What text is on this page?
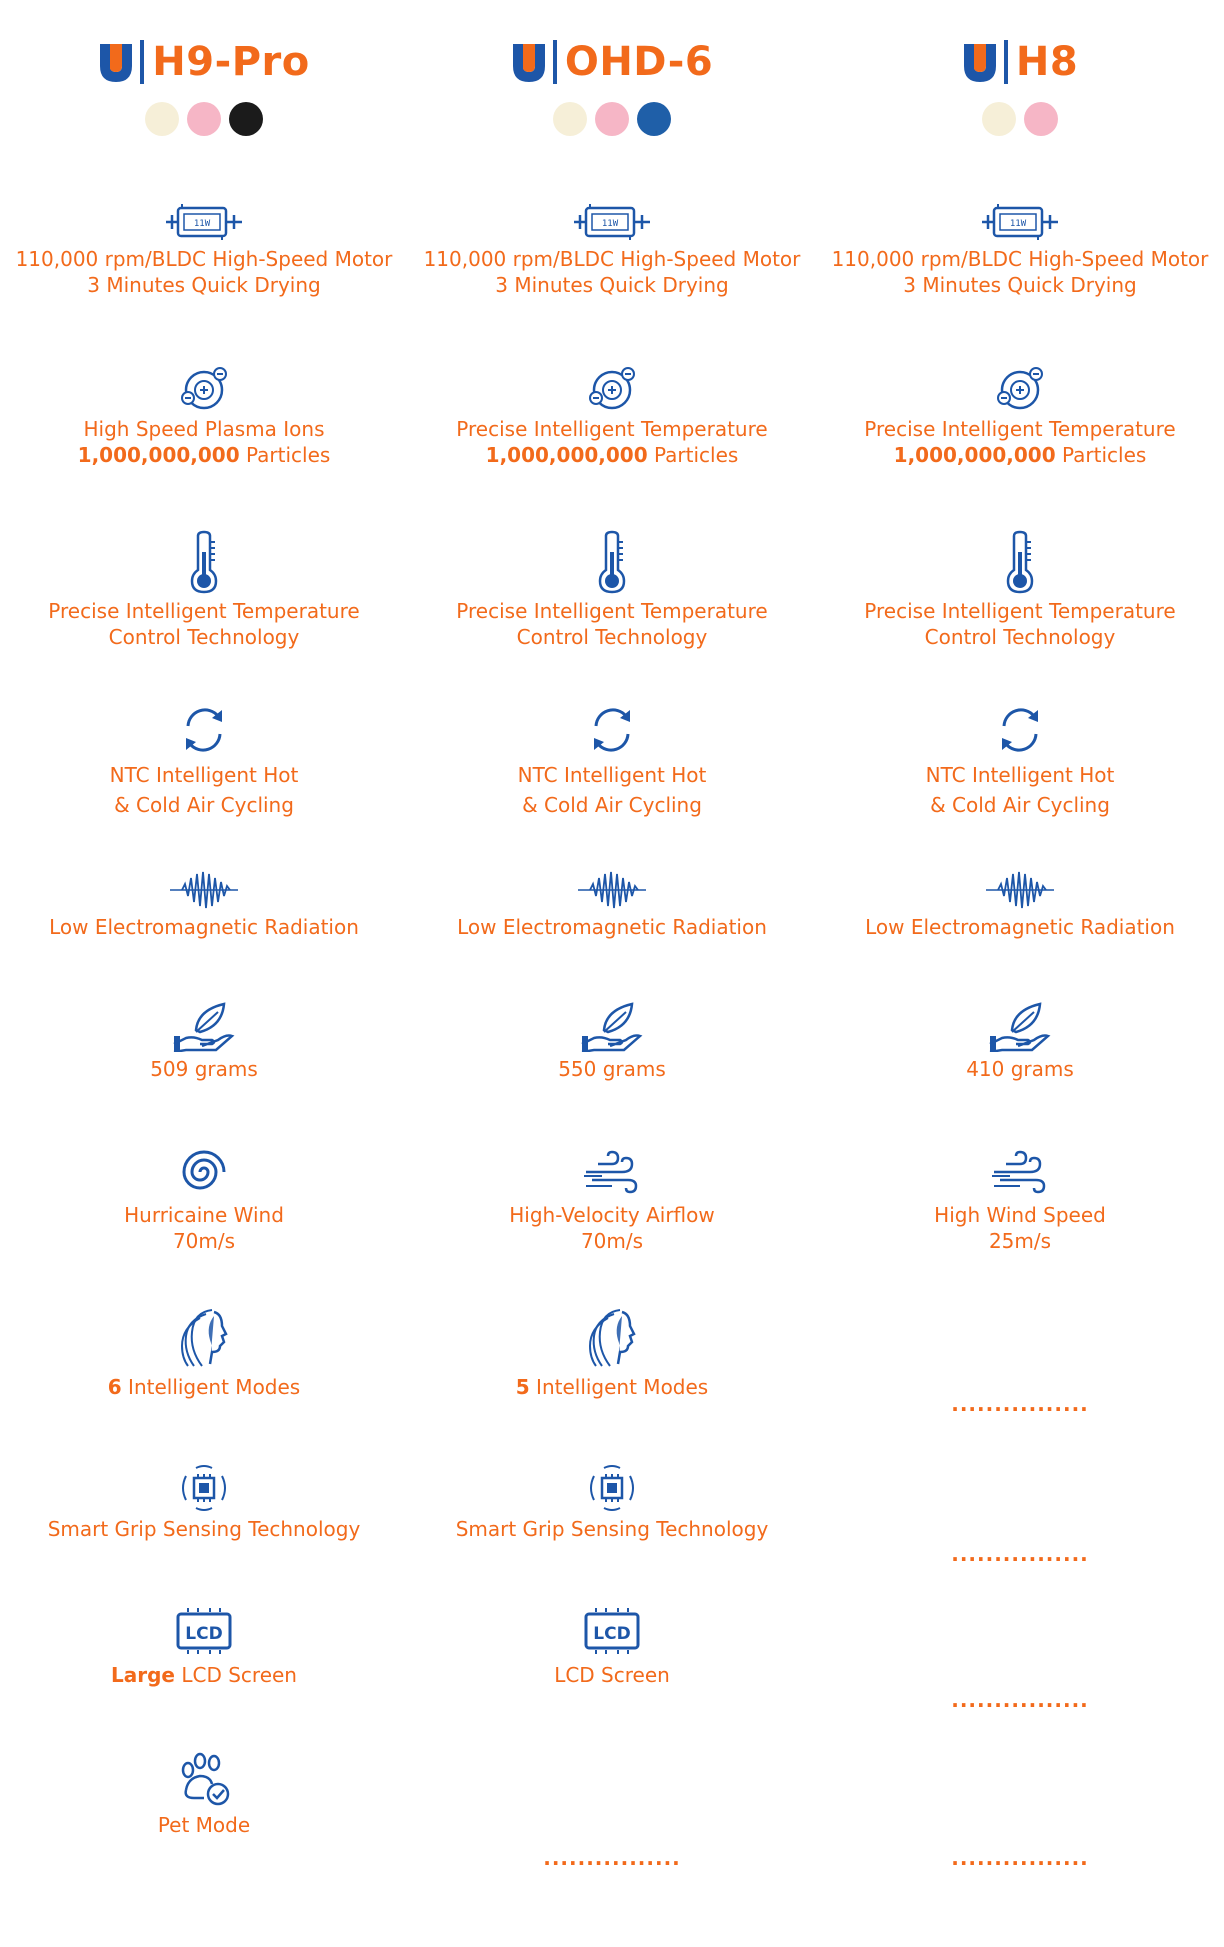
H9-Pro
11W
110,000 rpm/BLDC High-Speed Motor
3 Minutes Quick Drying
High Speed Plasma Ions
1,000,000,000 Particles
Precise Intelligent Temperature
Control Technology
NTC Intelligent Hot
& Cold Air Cycling
Low Electromagnetic Radiation
509 grams
Hurricaine Wind
70m/s
6 Intelligent Modes
Smart Grip Sensing Technology
LCD
Large LCD Screen
Pet Mode
OHD-6
11W
110,000 rpm/BLDC High-Speed Motor
3 Minutes Quick Drying
Precise Intelligent Temperature
1,000,000,000 Particles
Precise Intelligent Temperature
Control Technology
NTC Intelligent Hot
& Cold Air Cycling
Low Electromagnetic Radiation
550 grams
High-Velocity Airflow
70m/s
5 Intelligent Modes
Smart Grip Sensing Technology
LCD
LCD Screen
................
H8
11W
110,000 rpm/BLDC High-Speed Motor
3 Minutes Quick Drying
Precise Intelligent Temperature
1,000,000,000 Particles
Precise Intelligent Temperature
Control Technology
NTC Intelligent Hot
& Cold Air Cycling
Low Electromagnetic Radiation
410 grams
High Wind Speed
25m/s
................
................
................
................
